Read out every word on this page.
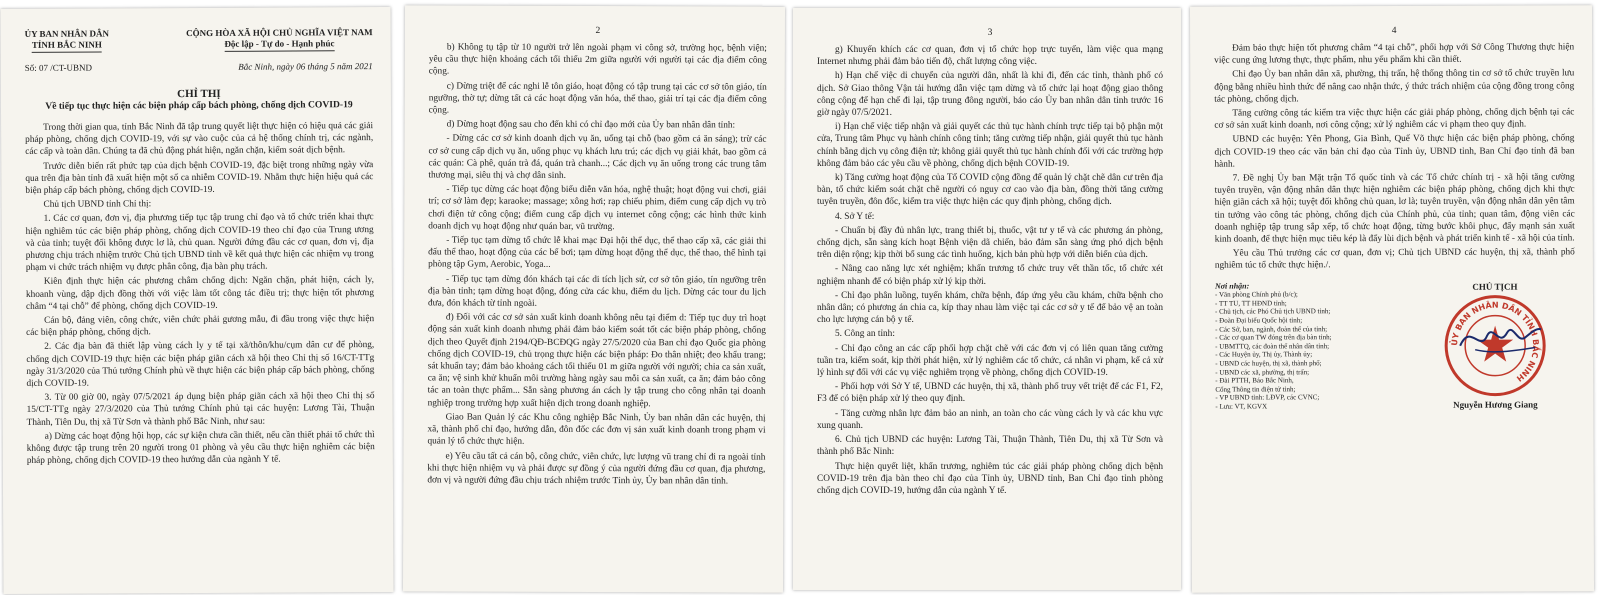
ỦY BAN NHÂN DÂN
TỈNH BẮC NINH
CỘNG HÒA XÃ HỘI CHỦ NGHĨA VIỆT NAM
Độc lập - Tự do - Hạnh phúc
Số: 07 /CT-UBND	Bắc Ninh, ngày 06 tháng 5 năm 2021
CHỈ THỊ
Về tiếp tục thực hiện các biện pháp cấp bách phòng, chống dịch COVID-19

Trong thời gian qua, tỉnh Bắc Ninh đã tập trung quyết liệt thực hiện có hiệu quả các giải pháp phòng, chống dịch COVID-19, với sự vào cuộc của cả hệ thống chính trị, các ngành, các cấp và toàn dân. Chúng ta đã chủ động phát hiện, ngăn chặn, kiểm soát dịch bệnh.

Trước diễn biến rất phức tạp của dịch bệnh COVID-19, đặc biệt trong những ngày vừa qua trên địa bàn tỉnh đã xuất hiện một số ca nhiễm COVID-19. Nhằm thực hiện hiệu quả các biện pháp cấp bách phòng, chống dịch COVID-19.

Chủ tịch UBND tỉnh Chỉ thị:

1. Các cơ quan, đơn vị, địa phương tiếp tục tập trung chỉ đạo và tổ chức triển khai thực hiện nghiêm túc các biện pháp phòng, chống dịch COVID-19 theo chỉ đạo của Trung ương và của tỉnh; tuyệt đối không được lơ là, chủ quan. Người đứng đầu các cơ quan, đơn vị, địa phương chịu trách nhiệm trước Chủ tịch UBND tỉnh về kết quả thực hiện các nhiệm vụ trong phạm vi chức trách nhiệm vụ được phân công, địa bàn phụ trách.

Kiên định thực hiện các phương châm chống dịch: Ngăn chặn, phát hiện, cách ly, khoanh vùng, dập dịch đồng thời với việc làm tốt công tác điều trị; thực hiện tốt phương châm “4 tại chỗ” để phòng, chống dịch COVID-19.

Cán bộ, đảng viên, công chức, viên chức phải gương mẫu, đi đầu trong việc thực hiện các biện pháp phòng, chống dịch.

2. Các địa bàn đã thiết lập vùng cách ly y tế tại xã/thôn/khu/cụm dân cư để phòng, chống dịch COVID-19 thực hiện các biện pháp giãn cách xã hội theo Chỉ thị số 16/CT-TTg ngày 31/3/2020 của Thủ tướng Chính phủ về thực hiện các biện pháp cấp bách phòng, chống dịch COVID-19.

3. Từ 00 giờ 00, ngày 07/5/2021 áp dụng biện pháp giãn cách xã hội theo Chỉ thị số 15/CT-TTg ngày 27/3/2020 của Thủ tướng Chính phủ tại các huyện: Lương Tài, Thuận Thành, Tiên Du, thị xã Từ Sơn và thành phố Bắc Ninh, như sau:

a) Dừng các hoạt động hội họp, các sự kiện chưa cần thiết, nếu cần thiết phải tổ chức thì không được tập trung trên 20 người trong 01 phòng và yêu cầu thực hiện nghiêm các biện pháp phòng, chống dịch COVID-19 theo hướng dẫn của ngành Y tế.

2

b) Không tụ tập từ 10 người trở lên ngoài phạm vi công sở, trường học, bệnh viện; yêu cầu thực hiện khoảng cách tối thiểu 2m giữa người với người tại các địa điểm công cộng.

c) Dừng triệt để các nghi lễ tôn giáo, hoạt động có tập trung tại các cơ sở tôn giáo, tín ngưỡng, thờ tự; dừng tất cả các hoạt động văn hóa, thể thao, giải trí tại các địa điểm công cộng.

d) Dừng hoạt động sau cho đến khi có chỉ đạo mới của Ủy ban nhân dân tỉnh:

- Dừng các cơ sở kinh doanh dịch vụ ăn, uống tại chỗ (bao gồm cả ăn sáng); trừ các cơ sở cung cấp dịch vụ ăn, uống phục vụ khách lưu trú; các dịch vụ giải khát, bao gồm cả các quán: Cà phê, quán trà đá, quán trà chanh...; Các dịch vụ ăn uống trong các trung tâm thương mại, siêu thị và chợ dân sinh.

- Tiếp tục dừng các hoạt động biểu diễn văn hóa, nghệ thuật; hoạt động vui chơi, giải trí; cơ sở làm đẹp; karaoke; massage; xông hơi; rạp chiếu phim, điểm cung cấp dịch vụ trò chơi điện tử công cộng; điểm cung cấp dịch vụ internet công cộng; các hình thức kinh doanh dịch vụ hoạt động như quán bar, vũ trường.

- Tiếp tục tạm dừng tổ chức lễ khai mạc Đại hội thể dục, thể thao cấp xã, các giải thi đấu thể thao, hoạt động của các bể bơi; tạm dừng hoạt động thể dục, thể thao, thể hình tại phòng tập Gym, Aerobic, Yoga...

- Tiếp tục tạm dừng đón khách tại các di tích lịch sử, cơ sở tôn giáo, tín ngưỡng trên địa bàn tỉnh; tạm dừng hoạt động, đóng cửa các khu, điểm du lịch. Dừng các tour du lịch đưa, đón khách từ tỉnh ngoài.

đ) Đối với các cơ sở sản xuất kinh doanh không nêu tại điểm d: Tiếp tục duy trì hoạt động sản xuất kinh doanh nhưng phải đảm bảo kiểm soát tốt các biện pháp phòng, chống dịch theo Quyết định 2194/QĐ-BCĐQG ngày 27/5/2020 của Ban chỉ đạo Quốc gia phòng chống dịch COVID-19, chủ trọng thực hiện các biện pháp: Đo thân nhiệt; đeo khẩu trang; sát khuẩn tay; đảm bảo khoảng cách tối thiểu 01 m giữa người với người; chia ca sản xuất, ca ăn; vệ sinh khử khuẩn môi trường hàng ngày sau mỗi ca sản xuất, ca ăn; đảm bảo công tác an toàn thực phẩm... Sẵn sàng phương án cách ly tập trung cho công nhân tại doanh nghiệp trong trường hợp xuất hiện dịch trong doanh nghiệp.

Giao Ban Quản lý các Khu công nghiệp Bắc Ninh, Ủy ban nhân dân các huyện, thị xã, thành phố chỉ đạo, hướng dẫn, đôn đốc các đơn vị sản xuất kinh doanh trong phạm vi quản lý tổ chức thực hiện.

e) Yêu cầu tất cả cán bộ, công chức, viên chức, lực lượng vũ trang chỉ đi ra ngoài tỉnh khi thực hiện nhiệm vụ và phải được sự đồng ý của người đứng đầu cơ quan, địa phương, đơn vị và người đứng đầu chịu trách nhiệm trước Tỉnh ủy, Ủy ban nhân dân tỉnh.

3

g) Khuyến khích các cơ quan, đơn vị tổ chức họp trực tuyến, làm việc qua mạng Internet nhưng phải đảm bảo tiến độ, chất lượng công việc.

h) Hạn chế việc di chuyển của người dân, nhất là khi đi, đến các tỉnh, thành phố có dịch. Sở Giao thông Vận tải hướng dẫn việc tạm dừng và tổ chức lại hoạt động giao thông công cộng để hạn chế đi lại, tập trung đông người, báo cáo Ủy ban nhân dân tỉnh trước 16 giờ ngày 07/5/2021.

i) Hạn chế việc tiếp nhận và giải quyết các thủ tục hành chính trực tiếp tại bộ phận một cửa, Trung tâm Phục vụ hành chính công tỉnh; tăng cường tiếp nhận, giải quyết thủ tục hành chính bằng dịch vụ công điện tử; không giải quyết thủ tục hành chính đối với các trường hợp không đảm bảo các yêu cầu về phòng, chống dịch bệnh COVID-19.

k) Tăng cường hoạt động của Tổ COVID cộng đồng để quản lý chặt chẽ dân cư trên địa bàn, tổ chức kiểm soát chặt chẽ người có nguy cơ cao vào địa bàn, đồng thời tăng cường tuyên truyền, đôn đốc, kiểm tra việc thực hiện các quy định phòng, chống dịch.

4. Sở Y tế:

- Chuẩn bị đầy đủ nhân lực, trang thiết bị, thuốc, vật tư y tế và các phương án phòng, chống dịch, sẵn sàng kích hoạt Bệnh viện dã chiến, bảo đảm sẵn sàng ứng phó dịch bệnh trên diện rộng; kịp thời bổ sung các tình huống, kịch bản phù hợp với diễn biến của dịch.

- Nâng cao năng lực xét nghiệm; khẩn trương tổ chức truy vết thần tốc, tổ chức xét nghiệm nhanh để có biện pháp xử lý kịp thời.

- Chỉ đạo phân luồng, tuyến khám, chữa bệnh, đáp ứng yêu cầu khám, chữa bệnh cho nhân dân; có phương án chia ca, kíp thay nhau làm việc tại các cơ sở y tế để bảo vệ an toàn cho lực lượng cán bộ y tế.

5. Công an tỉnh:

- Chỉ đạo công an các cấp phối hợp chặt chẽ với các đơn vị có liên quan tăng cường tuần tra, kiểm soát, kịp thời phát hiện, xử lý nghiêm các tổ chức, cá nhân vi phạm, kể cả xử lý hình sự đối với các vụ việc nghiêm trọng về phòng, chống dịch COVID-19.

- Phối hợp với Sở Y tế, UBND các huyện, thị xã, thành phố truy vết triệt để các F1, F2, F3 để có biện pháp xử lý theo quy định.

- Tăng cường nhân lực đảm bảo an ninh, an toàn cho các vùng cách ly và các khu vực xung quanh.

6. Chủ tịch UBND các huyện: Lương Tài, Thuận Thành, Tiên Du, thị xã Từ Sơn và thành phố Bắc Ninh:

Thực hiện quyết liệt, khẩn trương, nghiêm túc các giải pháp phòng chống dịch bệnh COVID-19 trên địa bàn theo chỉ đạo của Tỉnh ủy, UBND tỉnh, Ban Chỉ đạo tỉnh phòng chống dịch COVID-19, hướng dẫn của ngành Y tế.

4

Đảm bảo thực hiện tốt phương châm “4 tại chỗ”, phối hợp với Sở Công Thương thực hiện việc cung ứng lương thực, thực phẩm, nhu yếu phẩm khi cần thiết.

Chỉ đạo Ủy ban nhân dân xã, phường, thị trấn, hệ thống thông tin cơ sở tổ chức truyền lưu động bằng nhiều hình thức để nâng cao nhận thức, ý thức trách nhiệm của cộng đồng trong công tác phòng, chống dịch.

Tăng cường công tác kiểm tra việc thực hiện các giải pháp phòng, chống dịch bệnh tại các cơ sở sản xuất kinh doanh, nơi công cộng; xử lý nghiêm các vi phạm theo quy định.

UBND các huyện: Yên Phong, Gia Bình, Quế Võ thực hiện các biện pháp phòng, chống dịch COVID-19 theo các văn bản chỉ đạo của Tỉnh ủy, UBND tỉnh, Ban Chỉ đạo tỉnh đã ban hành.

7. Đề nghị Ủy ban Mặt trận Tổ quốc tỉnh và các Tổ chức chính trị - xã hội tăng cường tuyên truyền, vận động nhân dân thực hiện nghiêm các biện pháp phòng, chống dịch khi thực hiện giãn cách xã hội; tuyệt đối không chủ quan, lơ là; tuyên truyền, vận động nhân dân yên tâm tin tưởng vào công tác phòng, chống dịch của Chính phủ, của tỉnh; quan tâm, động viên các doanh nghiệp tập trung sắp xếp, tổ chức hoạt động, từng bước khôi phục, đẩy mạnh sản xuất kinh doanh, để thực hiện mục tiêu kép là đẩy lùi dịch bệnh và phát triển kinh tế - xã hội của tỉnh.

Yêu cầu Thủ trưởng các cơ quan, đơn vị; Chủ tịch UBND các huyện, thị xã, thành phố nghiêm túc tổ chức thực hiện./.

Nơi nhận:
- Văn phòng Chính phủ (b/c);
- TT TU, TT HĐND tỉnh;
- Chủ tịch, các Phó Chủ tịch UBND tỉnh;
- Đoàn Đại biểu Quốc hội tỉnh;
- Các Sở, ban, ngành, đoàn thể của tỉnh;
- Các cơ quan TW đóng trên địa bàn tỉnh;
- UBMTTQ, các đoàn thể nhân dân tỉnh;
- Các Huyện ủy, Thị ủy, Thành ủy;
- UBND các huyện, thị xã, thành phố;
- UBND các xã, phường, thị trấn;
- Đài PTTH, Báo Bắc Ninh,
Cổng Thông tin điện tử tỉnh;
- VP UBND tỉnh: LĐVP, các CVNC;
- Lưu: VT, KGVX
CHỦ TỊCH
ỦY BAN NHÂN DÂN TỈNH BẮC NINH
Nguyễn Hương Giang
